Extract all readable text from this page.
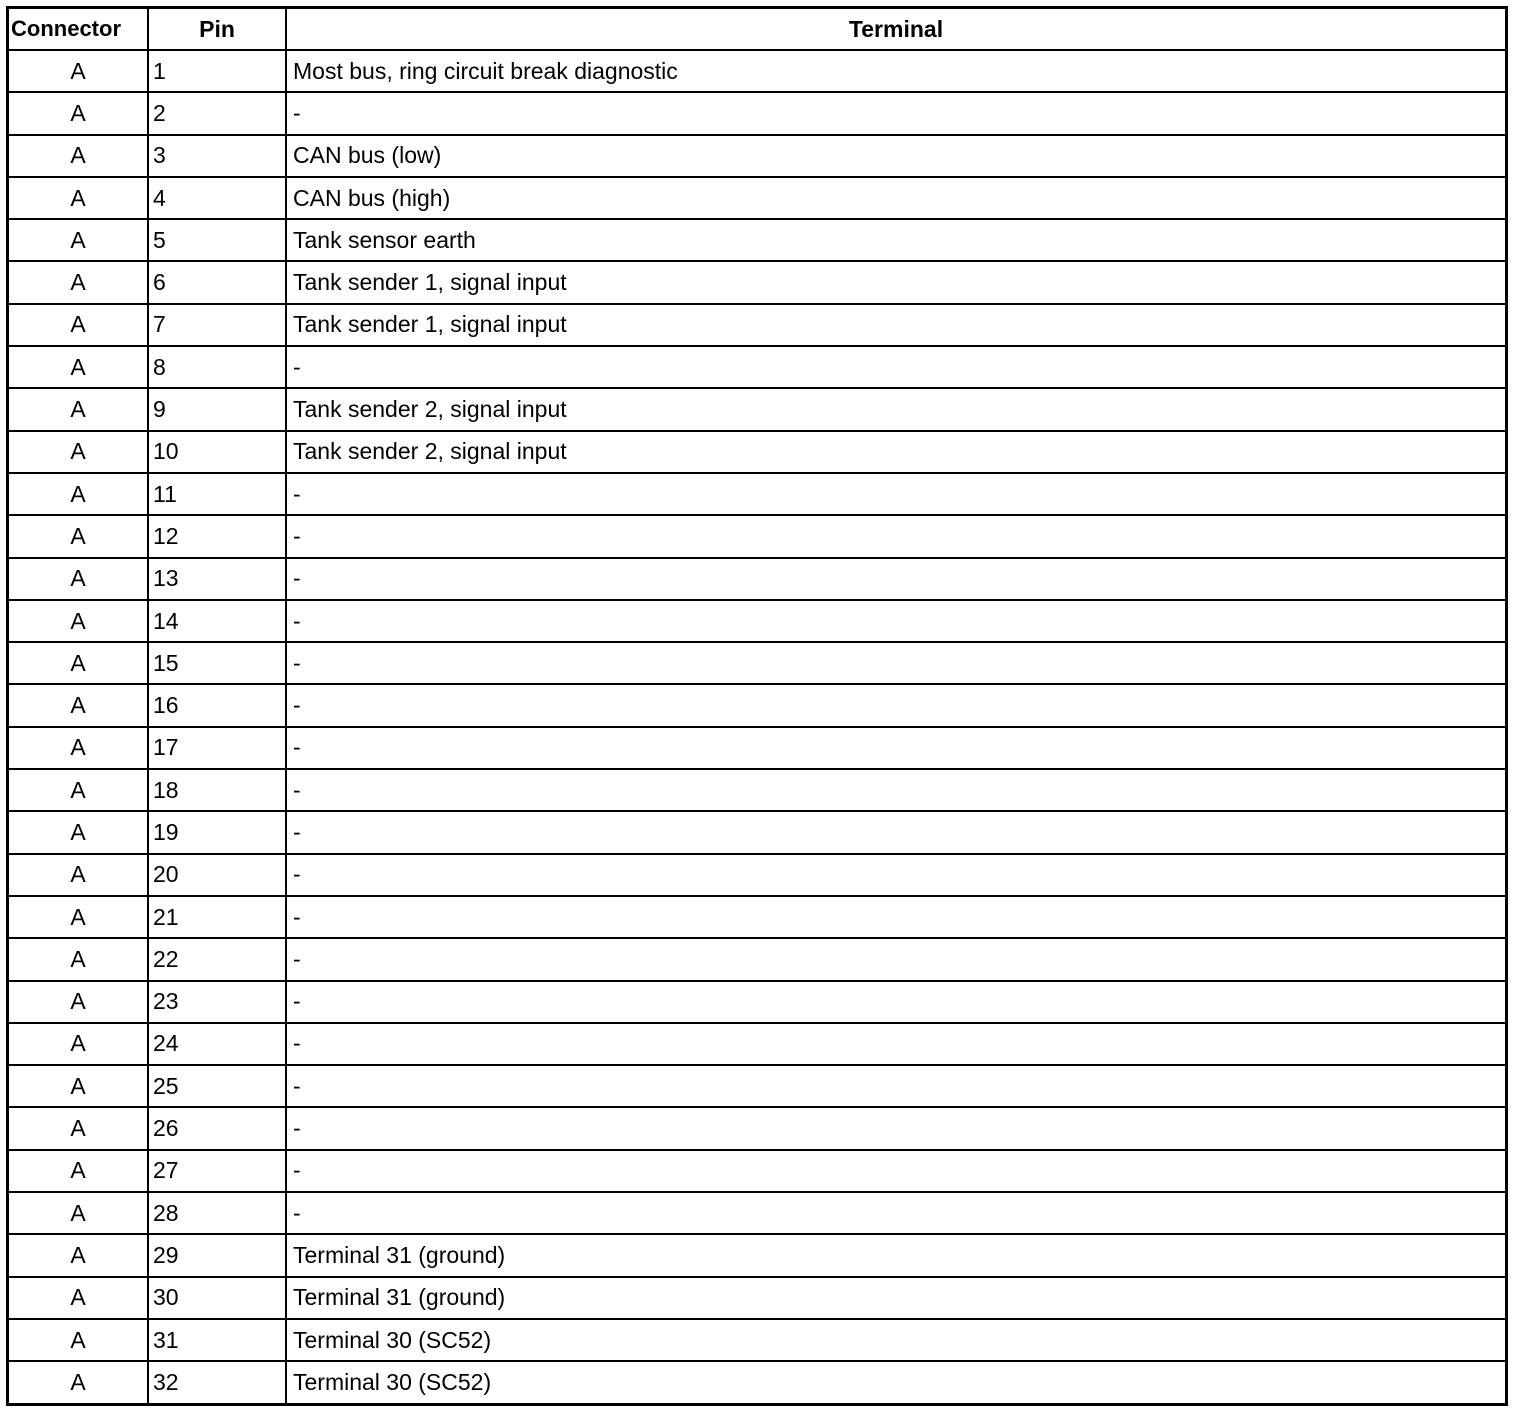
Connector	Pin	Terminal
A	1	Most bus, ring circuit break diagnostic
A	2	-
A	3	CAN bus (low)
A	4	CAN bus (high)
A	5	Tank sensor earth
A	6	Tank sender 1, signal input
A	7	Tank sender 1, signal input
A	8	-
A	9	Tank sender 2, signal input
A	10	Tank sender 2, signal input
A	11	-
A	12	-
A	13	-
A	14	-
A	15	-
A	16	-
A	17	-
A	18	-
A	19	-
A	20	-
A	21	-
A	22	-
A	23	-
A	24	-
A	25	-
A	26	-
A	27	-
A	28	-
A	29	Terminal 31 (ground)
A	30	Terminal 31 (ground)
A	31	Terminal 30 (SC52)
A	32	Terminal 30 (SC52)
